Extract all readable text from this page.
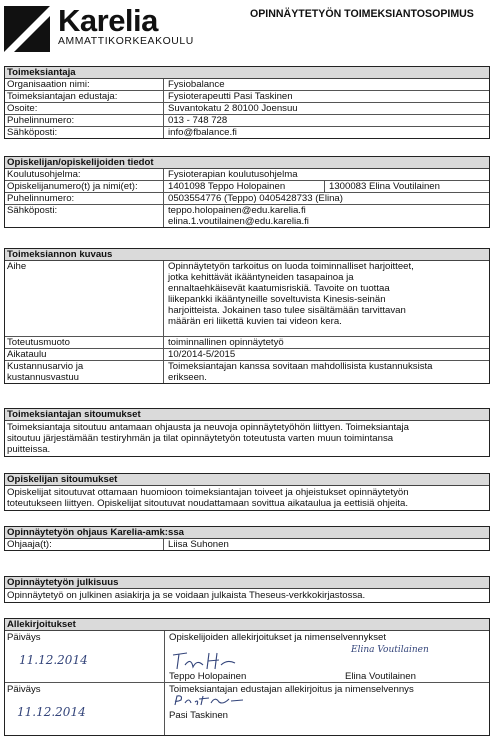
Karelia
AMMATTIKORKEAKOULU
OPINNÄYTETYÖN TOIMEKSIANTOSOPIMUS
Toimeksiantaja
Organisaation nimi:	Fysiobalance
Toimeksiantajan edustaja:	Fysioterapeutti Pasi Taskinen
Osoite:	Suvantokatu 2 80100 Joensuu
Puhelinnumero:	013 - 748 728
Sähköposti:	info@fbalance.fi
Opiskelijan/opiskelijoiden tiedot
Koulutusohjelma:	Fysioterapian koulutusohjelma
Opiskelijanumero(t) ja nimi(et):	1401098 Teppo Holopainen	1300083 Elina Voutilainen
Puhelinnumero:	0503554776 (Teppo) 0405428733 (Elina)
Sähköposti:	teppo.holopainen@edu.karelia.fi
elina.1.voutilainen@edu.karelia.fi
Toimeksiannon kuvaus
Aihe	Opinnäytetyön tarkoitus on luoda toiminnalliset harjoitteet,
jotka kehittävät ikääntyneiden tasapainoa ja
ennaltaehkäisevät kaatumisriskiä. Tavoite on tuottaa
liikepankki ikääntyneille soveltuvista Kinesis-seinän
harjoitteista. Jokainen taso tulee sisältämään tarvittavan
määrän eri liikettä kuvien tai videon kera.
Toteutusmuoto	toiminnallinen opinnäytetyö
Aikataulu	10/2014-5/2015
Kustannusarvio ja
kustannusvastuu
Toimeksiantajan kanssa sovitaan mahdollisista kustannuksista
erikseen.
Toimeksiantajan sitoumukset
Toimeksiantaja sitoutuu antamaan ohjausta ja neuvoja opinnäytetyöhön liittyen. Toimeksiantaja
sitoutuu järjestämään testiryhmän ja tilat opinnäytetyön toteutusta varten muun toimintansa
puitteissa.
Opiskelijan sitoumukset
Opiskelijat sitoutuvat ottamaan huomioon toimeksiantajan toiveet ja ohjeistukset opinnäytetyön
toteutukseen liittyen. Opiskelijat sitoutuvat noudattamaan sovittua aikataulua ja eettisiä ohjeita.
Opinnäytetyön ohjaus Karelia-amk:ssa
Ohjaaja(t):	Liisa Suhonen
Opinnäytetyön julkisuus
Opinnäytetyö on julkinen asiakirja ja se voidaan julkaista Theseus-verkkokirjastossa.
Allekirjoitukset
Päiväys	Opiskelijoiden allekirjoitukset ja nimenselvennykset
11.12.2014
Elina Voutilainen
Teppo Holopainen	Elina Voutilainen
Päiväys	Toimeksiantajan edustajan allekirjoitus ja nimenselvennys
11.12.2014	Pasi Taskinen
